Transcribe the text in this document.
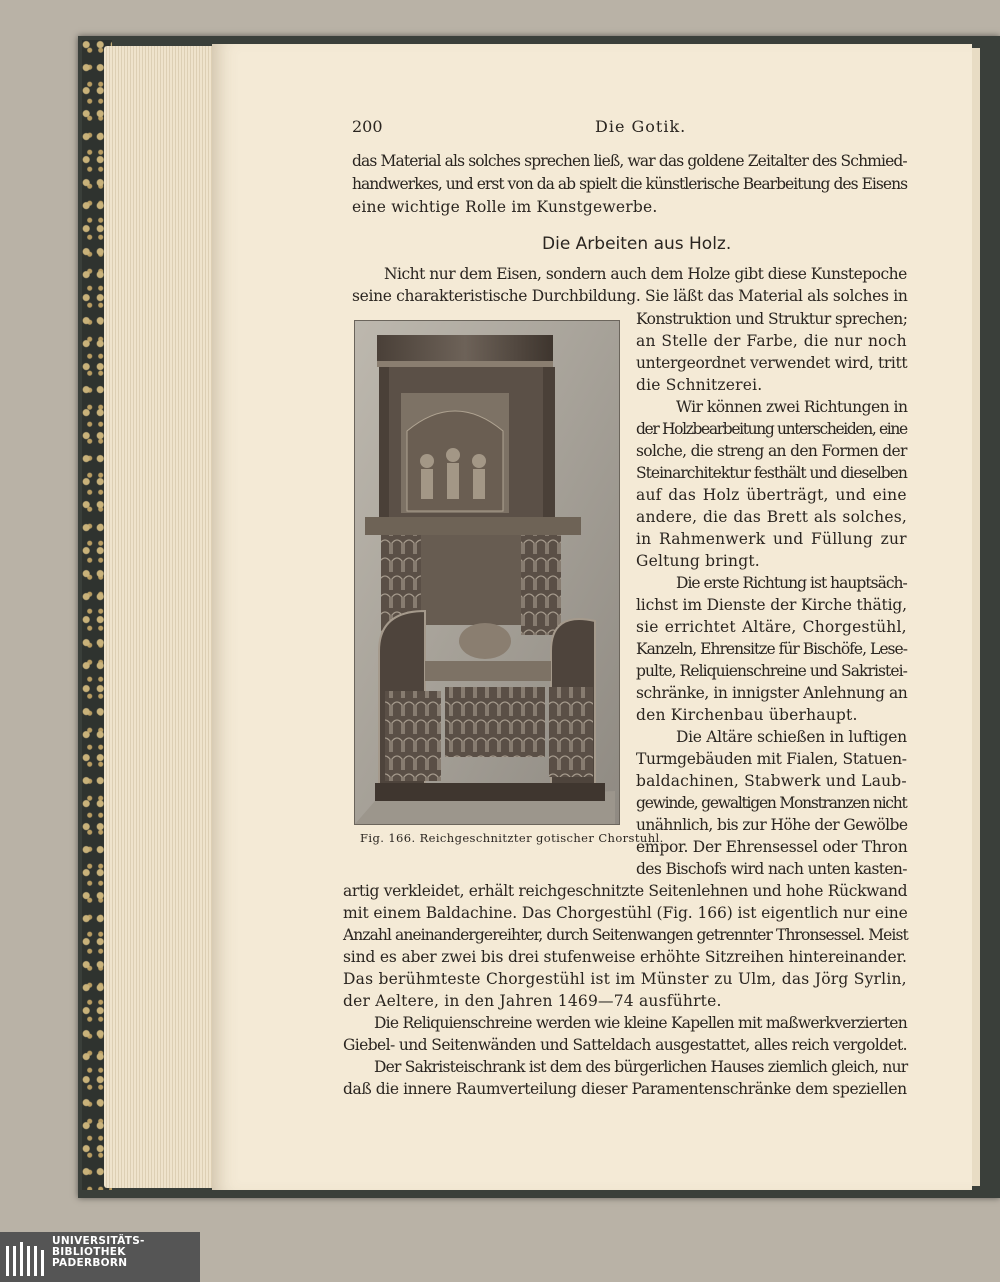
200	Die Gotik.
Die Arbeiten aus Holz.
das Material als solches sprechen ließ, war das goldene Zeitalter des Schmied-
handwerkes, und erst von da ab spielt die künstlerische Bearbeitung des Eisens
eine wichtige Rolle im Kunstgewerbe.
Nicht nur dem Eisen, sondern auch dem Holze gibt diese Kunstepoche
seine charakteristische Durchbildung. Sie läßt das Material als solches in
Konstruktion und Struktur sprechen;
an Stelle der Farbe, die nur noch
untergeordnet verwendet wird, tritt
die Schnitzerei.
Wir können zwei Richtungen in
der Holzbearbeitung unterscheiden, eine
solche, die streng an den Formen der
Steinarchitektur festhält und dieselben
auf das Holz überträgt, und eine
andere, die das Brett als solches,
in Rahmenwerk und Füllung zur
Geltung bringt.
Die erste Richtung ist hauptsäch-
lichst im Dienste der Kirche thätig,
sie errichtet Altäre, Chorgestühl,
Kanzeln, Ehrensitze für Bischöfe, Lese-
pulte, Reliquienschreine und Sakristei-
schränke, in innigster Anlehnung an
den Kirchenbau überhaupt.
Die Altäre schießen in luftigen
Turmgebäuden mit Fialen, Statuen-
baldachinen, Stabwerk und Laub-
gewinde, gewaltigen Monstranzen nicht
unähnlich, bis zur Höhe der Gewölbe
empor. Der Ehrensessel oder Thron
des Bischofs wird nach unten kasten-
artig verkleidet, erhält reichgeschnitzte Seitenlehnen und hohe Rückwand
mit einem Baldachine. Das Chorgestühl (Fig. 166) ist eigentlich nur eine
Anzahl aneinandergereihter, durch Seitenwangen getrennter Thronsessel. Meist
sind es aber zwei bis drei stufenweise erhöhte Sitzreihen hintereinander.
Das berühmteste Chorgestühl ist im Münster zu Ulm, das Jörg Syrlin,
der Aeltere, in den Jahren 1469—74 ausführte.
Die Reliquienschreine werden wie kleine Kapellen mit maßwerkverzierten
Giebel- und Seitenwänden und Satteldach ausgestattet, alles reich vergoldet.
Der Sakristeischrank ist dem des bürgerlichen Hauses ziemlich gleich, nur
daß die innere Raumverteilung dieser Paramentenschränke dem speziellen
Fig. 166. Reichgeschnitzter gotischer Chorstuhl.
UNIVERSITÄTS-
BIBLIOTHEK
PADERBORN
